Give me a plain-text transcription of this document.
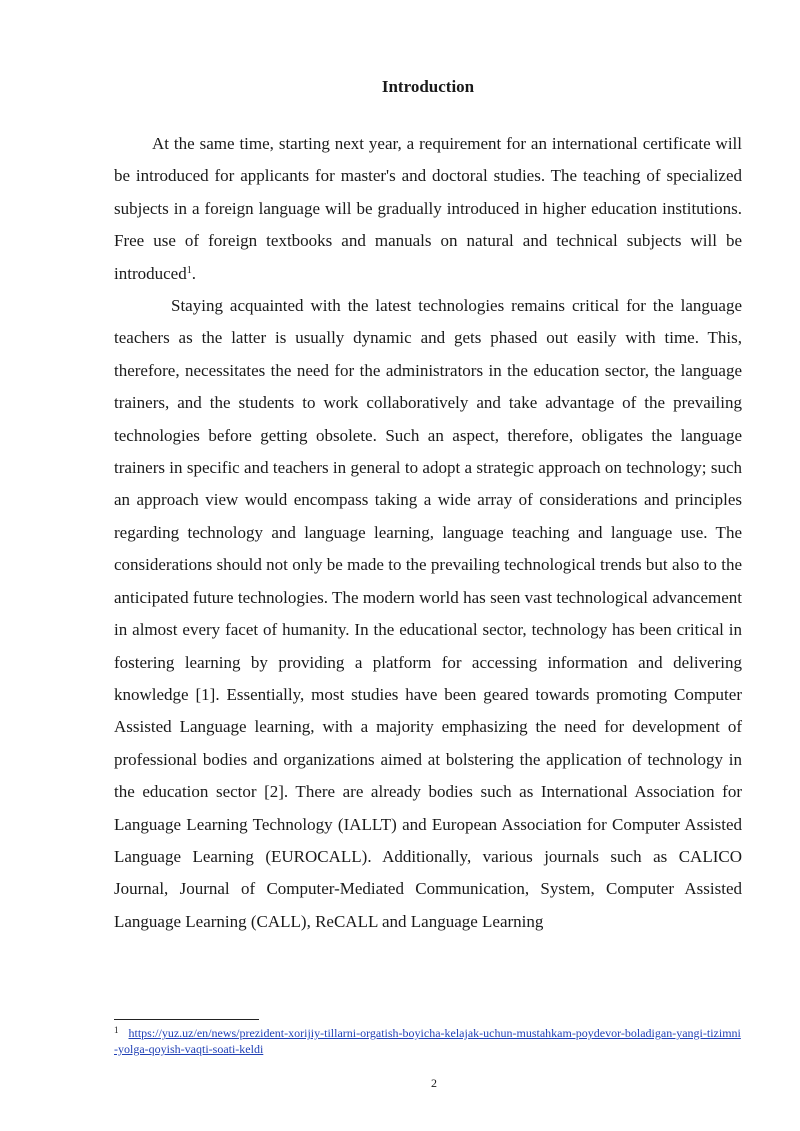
Introduction

At the same time, starting next year, a requirement for an international certificate will be introduced for applicants for master's and doctoral studies. The teaching of specialized subjects in a foreign language will be gradually introduced in higher education institutions. Free use of foreign textbooks and manuals on natural and technical subjects will be introduced$^1$.

Staying acquainted with the latest technologies remains critical for the language teachers as the latter is usually dynamic and gets phased out easily with time. This, therefore, necessitates the need for the administrators in the education sector, the language trainers, and the students to work collaboratively and take advantage of the prevailing technologies before getting obsolete. Such an aspect, therefore, obligates the language trainers in specific and teachers in general to adopt a strategic approach on technology; such an approach view would encompass taking a wide array of considerations and principles regarding technology and language learning, language teaching and language use. The considerations should not only be made to the prevailing technological trends but also to the anticipated future technologies. The modern world has seen vast technological advancement in almost every facet of humanity. In the educational sector, technology has been critical in fostering learning by providing a platform for accessing information and delivering knowledge [1]. Essentially, most studies have been geared towards promoting Computer Assisted Language learning, with a majority emphasizing the need for development of professional bodies and organizations aimed at bolstering the application of technology in the education sector [2]. There are already bodies such as International Association for Language Learning Technology (IALLT) and European Association for Computer Assisted Language Learning (EUROCALL). Additionally, various journals such as CALICO Journal, Journal of Computer-Mediated Communication, System, Computer Assisted Language Learning (CALL), ReCALL and Language Learning

$^1$ https://yuz.uz/en/news/prezident-xorijiy-tillarni-orgatish-boyicha-kelajak-uchun-mustahkam-poydevor-boladigan-yangi-tizimni-yolga-qoyish-vaqti-soati-keldi
2
